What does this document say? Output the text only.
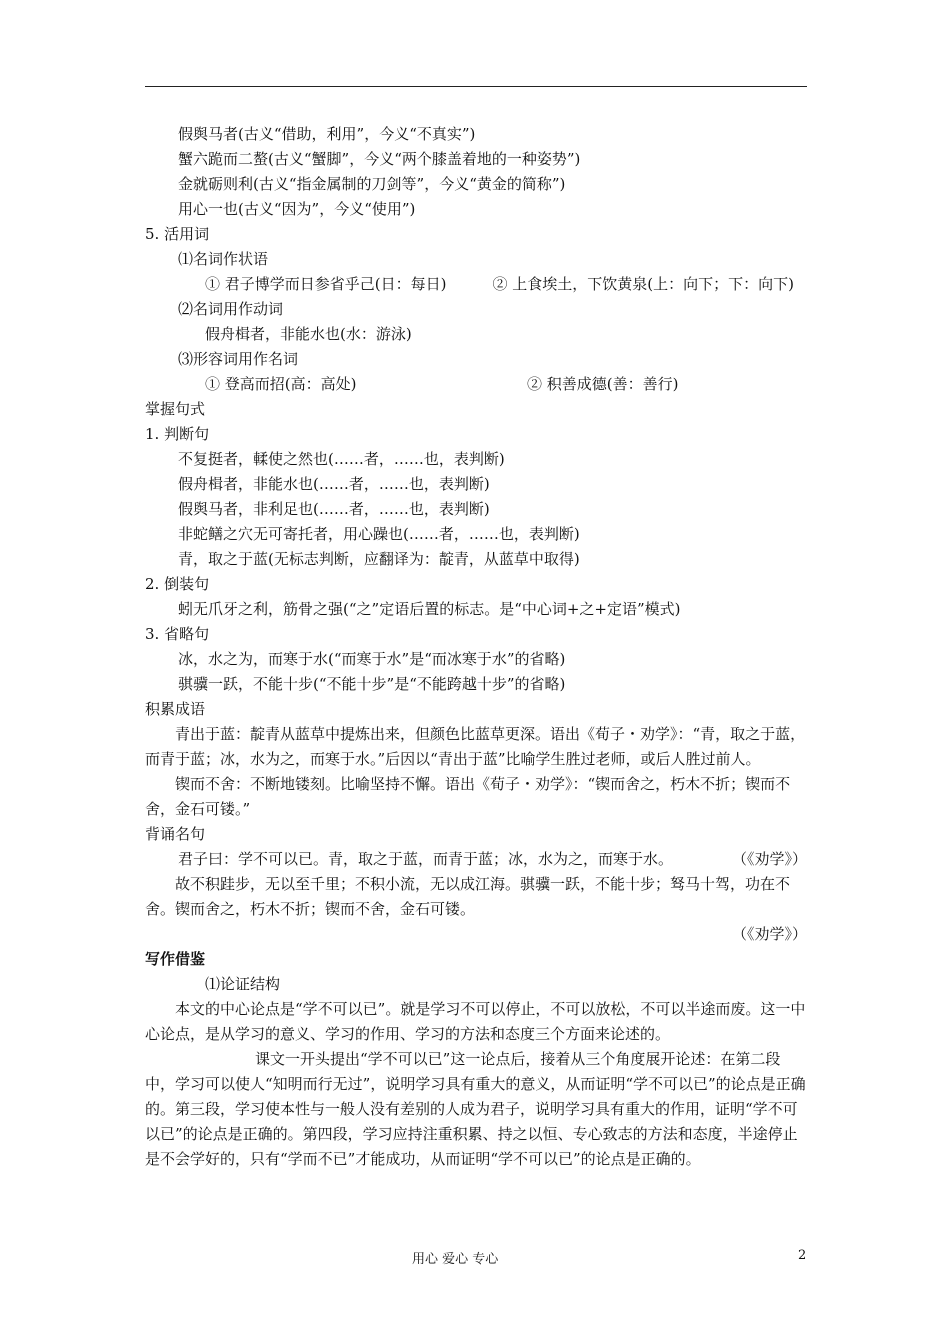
假舆马者(古义“借助，利用”，今义“不真实”)
蟹六跪而二螯(古义“蟹脚”，今义“两个膝盖着地的一种姿势”)
金就砺则利(古义“指金属制的刀剑等”，今义“黄金的简称”)
用心一也(古义“因为”，今义“使用”)
5. 活用词
⑴名词作状语
① 君子博学而日参省乎己(日：每日)	② 上食埃土，下饮黄泉(上：向下；下：向下)
⑵名词用作动词
假舟楫者，非能水也(水：游泳)
⑶形容词用作名词
① 登高而招(高：高处)	② 积善成德(善：善行)
掌握句式
1. 判断句
不复挺者，輮使之然也(……者，……也，表判断)
假舟楫者，非能水也(……者，……也，表判断)
假舆马者，非利足也(……者，……也，表判断)
非蛇鳝之穴无可寄托者，用心躁也(……者，……也，表判断)
青，取之于蓝(无标志判断，应翻译为：靛青，从蓝草中取得)
2. 倒装句
蚓无爪牙之利，筋骨之强(“之”定语后置的标志。是“中心词+之+定语”模式)
3. 省略句
冰，水之为，而寒于水(“而寒于水”是“而冰寒于水”的省略)
骐骥一跃，不能十步(“不能十步”是“不能跨越十步”的省略)
积累成语
青出于蓝：靛青从蓝草中提炼出来，但颜色比蓝草更深。语出《荀子・劝学》：“青，取之于蓝，而青于蓝；冰，水为之，而寒于水。”后因以“青出于蓝”比喻学生胜过老师，或后人胜过前人。
锲而不舍：不断地镂刻。比喻坚持不懈。语出《荀子・劝学》：“锲而舍之，朽木不折；锲而不舍，金石可镂。”
背诵名句
君子曰：学不可以已。青，取之于蓝，而青于蓝；冰，水为之，而寒于水。	（《劝学》）
故不积跬步，无以至千里；不积小流，无以成江海。骐骥一跃，不能十步；驽马十驾，功在不舍。锲而舍之，朽木不折；锲而不舍，金石可镂。
（《劝学》）
写作借鉴
⑴论证结构
本文的中心论点是“学不可以已”。就是学习不可以停止，不可以放松，不可以半途而废。这一中心论点，是从学习的意义、学习的作用、学习的方法和态度三个方面来论述的。
课文一开头提出“学不可以已”这一论点后，接着从三个角度展开论述：在第二段中，学习可以使人“知明而行无过”，说明学习具有重大的意义，从而证明“学不可以已”的论点是正确的。第三段，学习使本性与一般人没有差别的人成为君子，说明学习具有重大的作用，证明“学不可以已”的论点是正确的。第四段，学习应持注重积累、持之以恒、专心致志的方法和态度，半途停止是不会学好的，只有“学而不已”才能成功，从而证明“学不可以已”的论点是正确的。
用心 爱心 专心	2
